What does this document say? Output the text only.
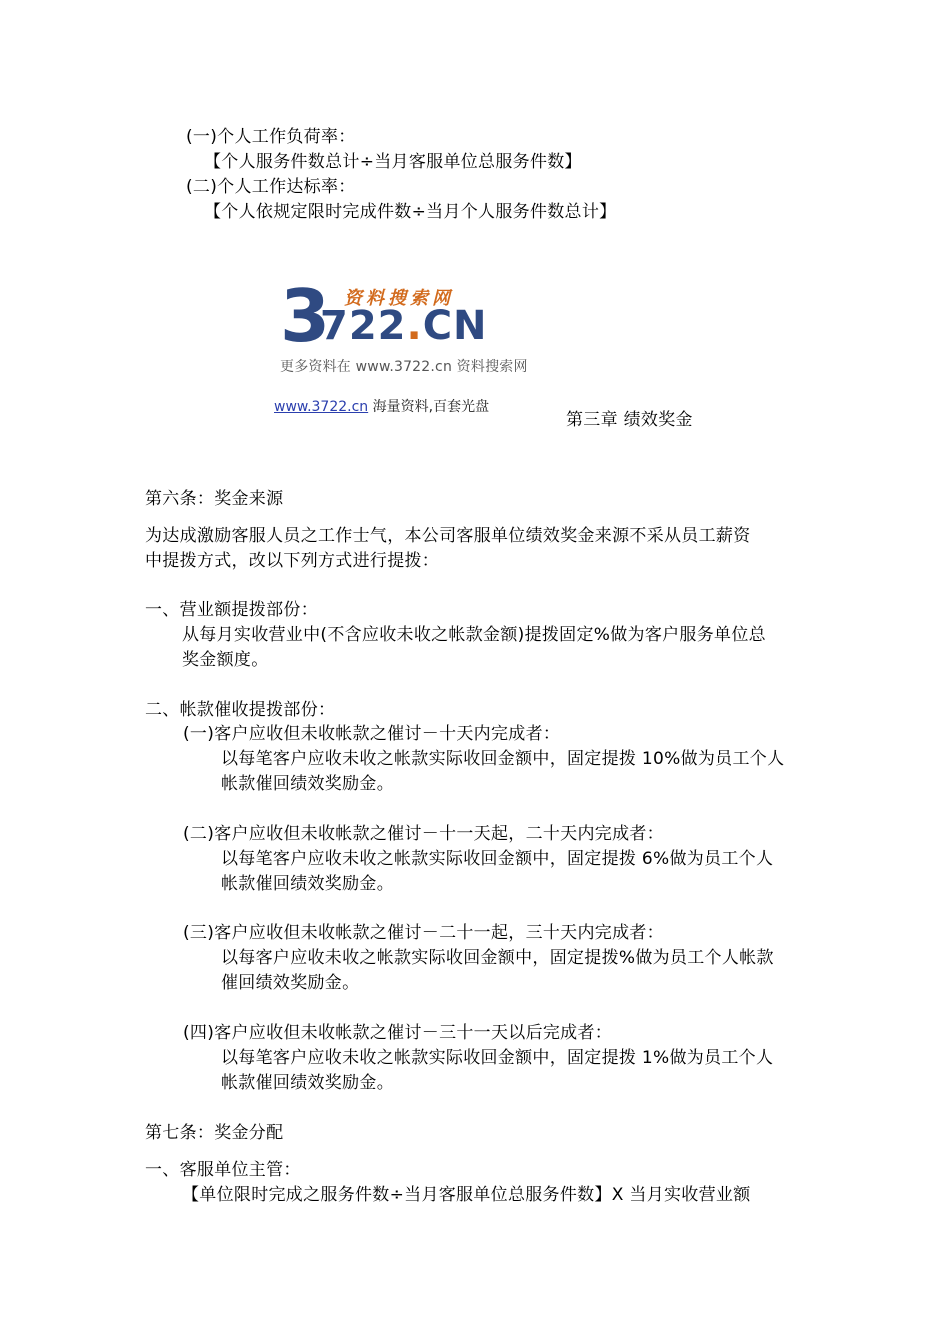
(一)个人工作负荷率：
【个人服务件数总计÷当月客服单位总服务件数】
(二)个人工作达标率：
【个人依规定限时完成件数÷当月个人服务件数总计】
3 资料搜索网
722.CN
更多资料在 www.3722.cn 资料搜索网
www.3722.cn 海量资料,百套光盘
第三章 绩效奖金
第六条：奖金来源
为达成激励客服人员之工作士气，本公司客服单位绩效奖金来源不采从员工薪资
中提拨方式，改以下列方式进行提拨：
一、营业额提拨部份：
从每月实收营业中(不含应收未收之帐款金额)提拨固定%做为客户服务单位总
奖金额度。
二、帐款催收提拨部份：
(一)客户应收但未收帐款之催讨－十天内完成者：
以每笔客户应收未收之帐款实际收回金额中，固定提拨 10%做为员工个人
帐款催回绩效奖励金。
(二)客户应收但未收帐款之催讨－十一天起，二十天内完成者：
以每笔客户应收未收之帐款实际收回金额中，固定提拨 6%做为员工个人
帐款催回绩效奖励金。
(三)客户应收但未收帐款之催讨－二十一起，三十天内完成者：
以每客户应收未收之帐款实际收回金额中，固定提拨%做为员工个人帐款
催回绩效奖励金。
(四)客户应收但未收帐款之催讨－三十一天以后完成者：
以每笔客户应收未收之帐款实际收回金额中，固定提拨 1%做为员工个人
帐款催回绩效奖励金。
第七条：奖金分配
一、客服单位主管：
【单位限时完成之服务件数÷当月客服单位总服务件数】X 当月实收营业额
